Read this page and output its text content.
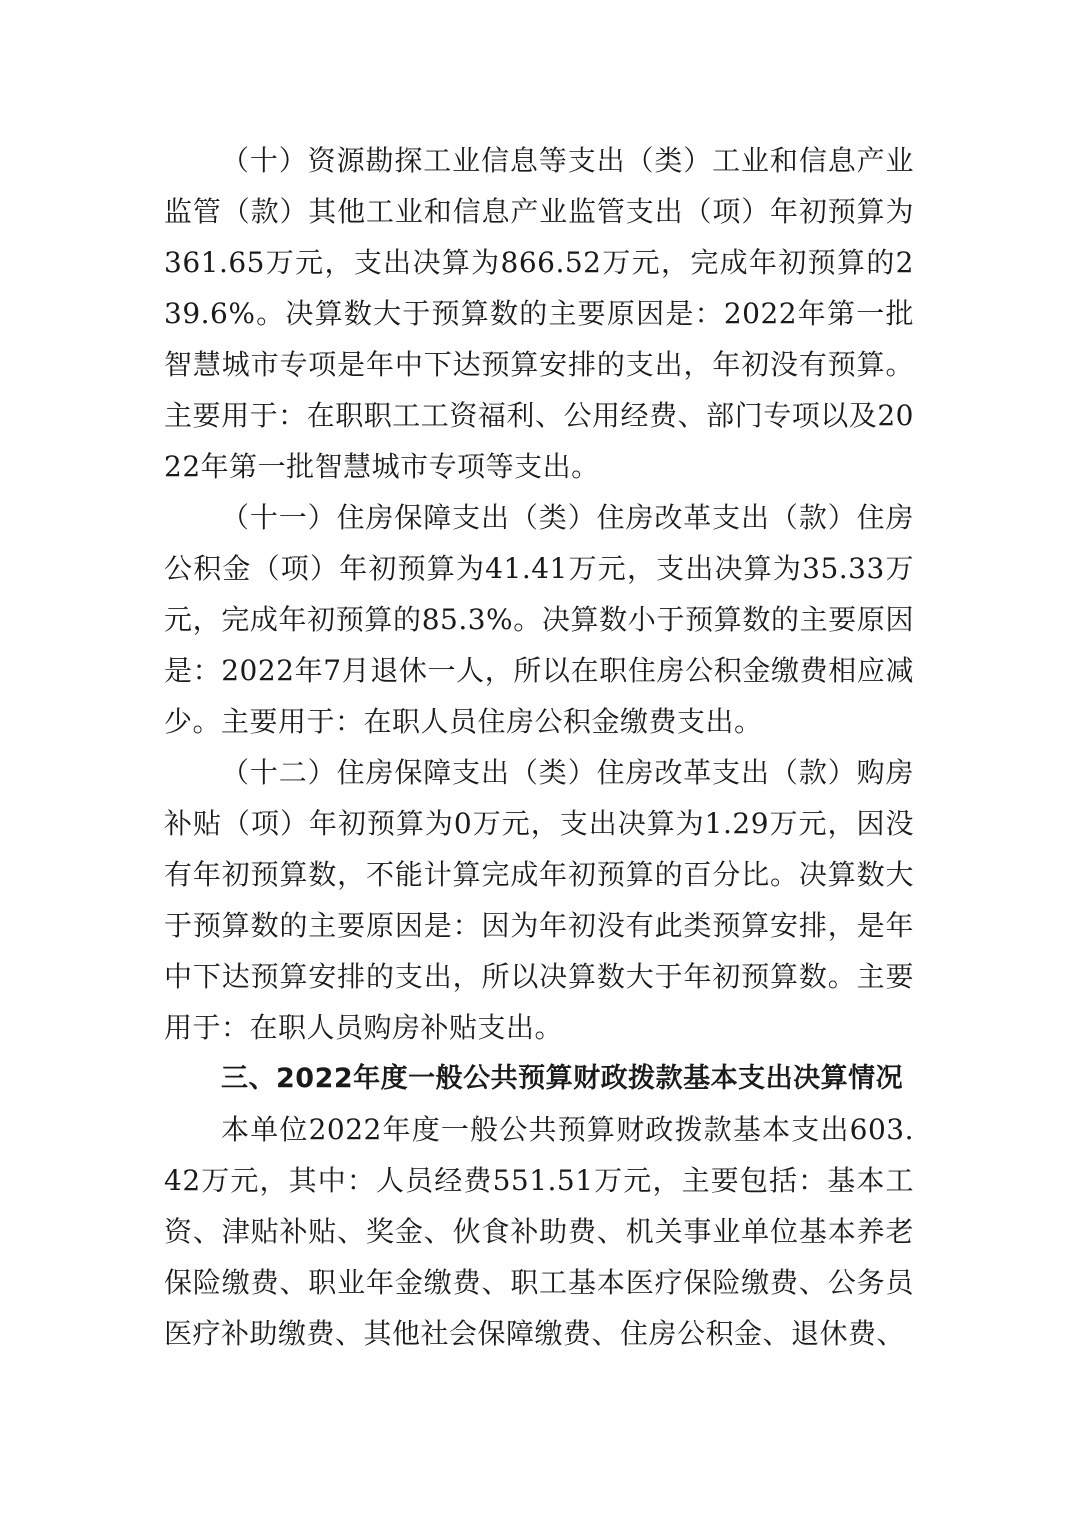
（十）资源勘探工业信息等支出（类）工业和信息产业监管（款）其他工业和信息产业监管支出（项）年初预算为361.65万元，支出决算为866.52万元，完成年初预算的239.6%。决算数大于预算数的主要原因是：2022年第一批智慧城市专项是年中下达预算安排的支出，年初没有预算。主要用于：在职职工工资福利、公用经费、部门专项以及2022年第一批智慧城市专项等支出。

（十一）住房保障支出（类）住房改革支出（款）住房公积金（项）年初预算为41.41万元，支出决算为35.33万元，完成年初预算的85.3%。决算数小于预算数的主要原因是：2022年7月退休一人，所以在职住房公积金缴费相应减少。主要用于：在职人员住房公积金缴费支出。

（十二）住房保障支出（类）住房改革支出（款）购房补贴（项）年初预算为0万元，支出决算为1.29万元，因没有年初预算数，不能计算完成年初预算的百分比。决算数大于预算数的主要原因是：因为年初没有此类预算安排，是年中下达预算安排的支出，所以决算数大于年初预算数。主要用于：在职人员购房补贴支出。

三、2022年度一般公共预算财政拨款基本支出决算情况

本单位2022年度一般公共预算财政拨款基本支出603.42万元，其中：人员经费551.51万元，主要包括：基本工资、津贴补贴、奖金、伙食补助费、机关事业单位基本养老保险缴费、职业年金缴费、职工基本医疗保险缴费、公务员医疗补助缴费、其他社会保障缴费、住房公积金、退休费、
